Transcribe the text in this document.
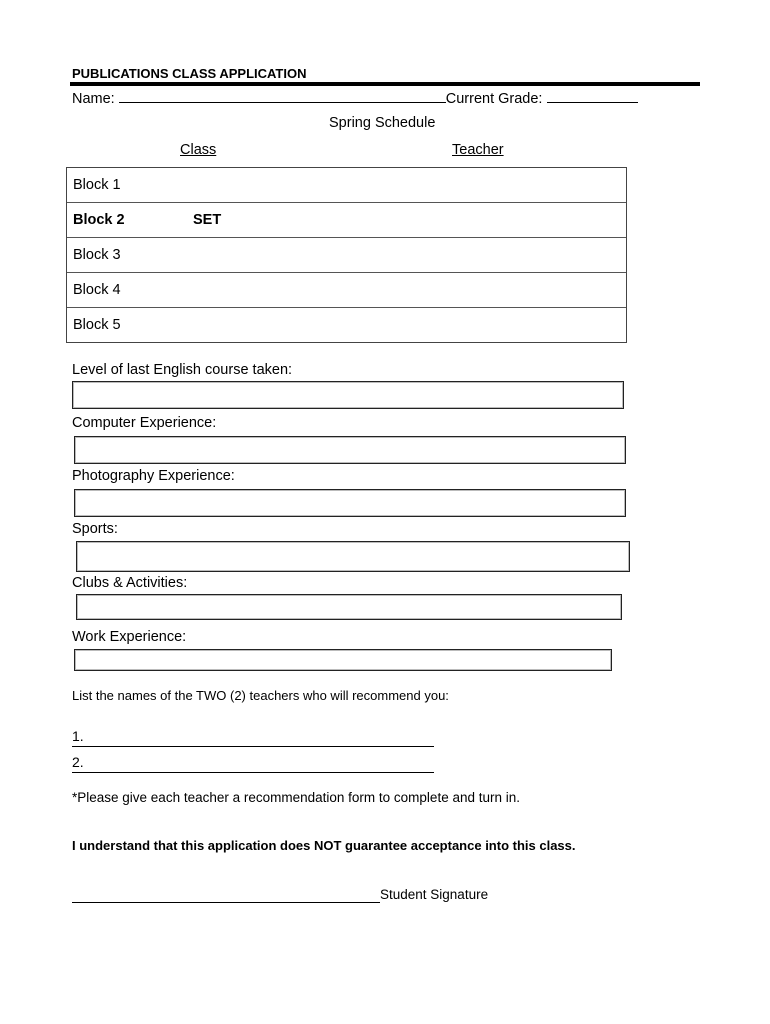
PUBLICATIONS CLASS APPLICATION
Name:	Current Grade:
Spring Schedule
Class	Teacher
Block 1
Block 2	SET
Block 3
Block 4
Block 5
Level of last English course taken:
Computer Experience:
Photography Experience:
Sports:
Clubs & Activities:
Work Experience:
List the names of the TWO (2) teachers who will recommend you:
1.
2.
*Please give each teacher a recommendation form to complete and turn in.
I understand that this application does NOT guarantee acceptance into this class.
Student Signature
